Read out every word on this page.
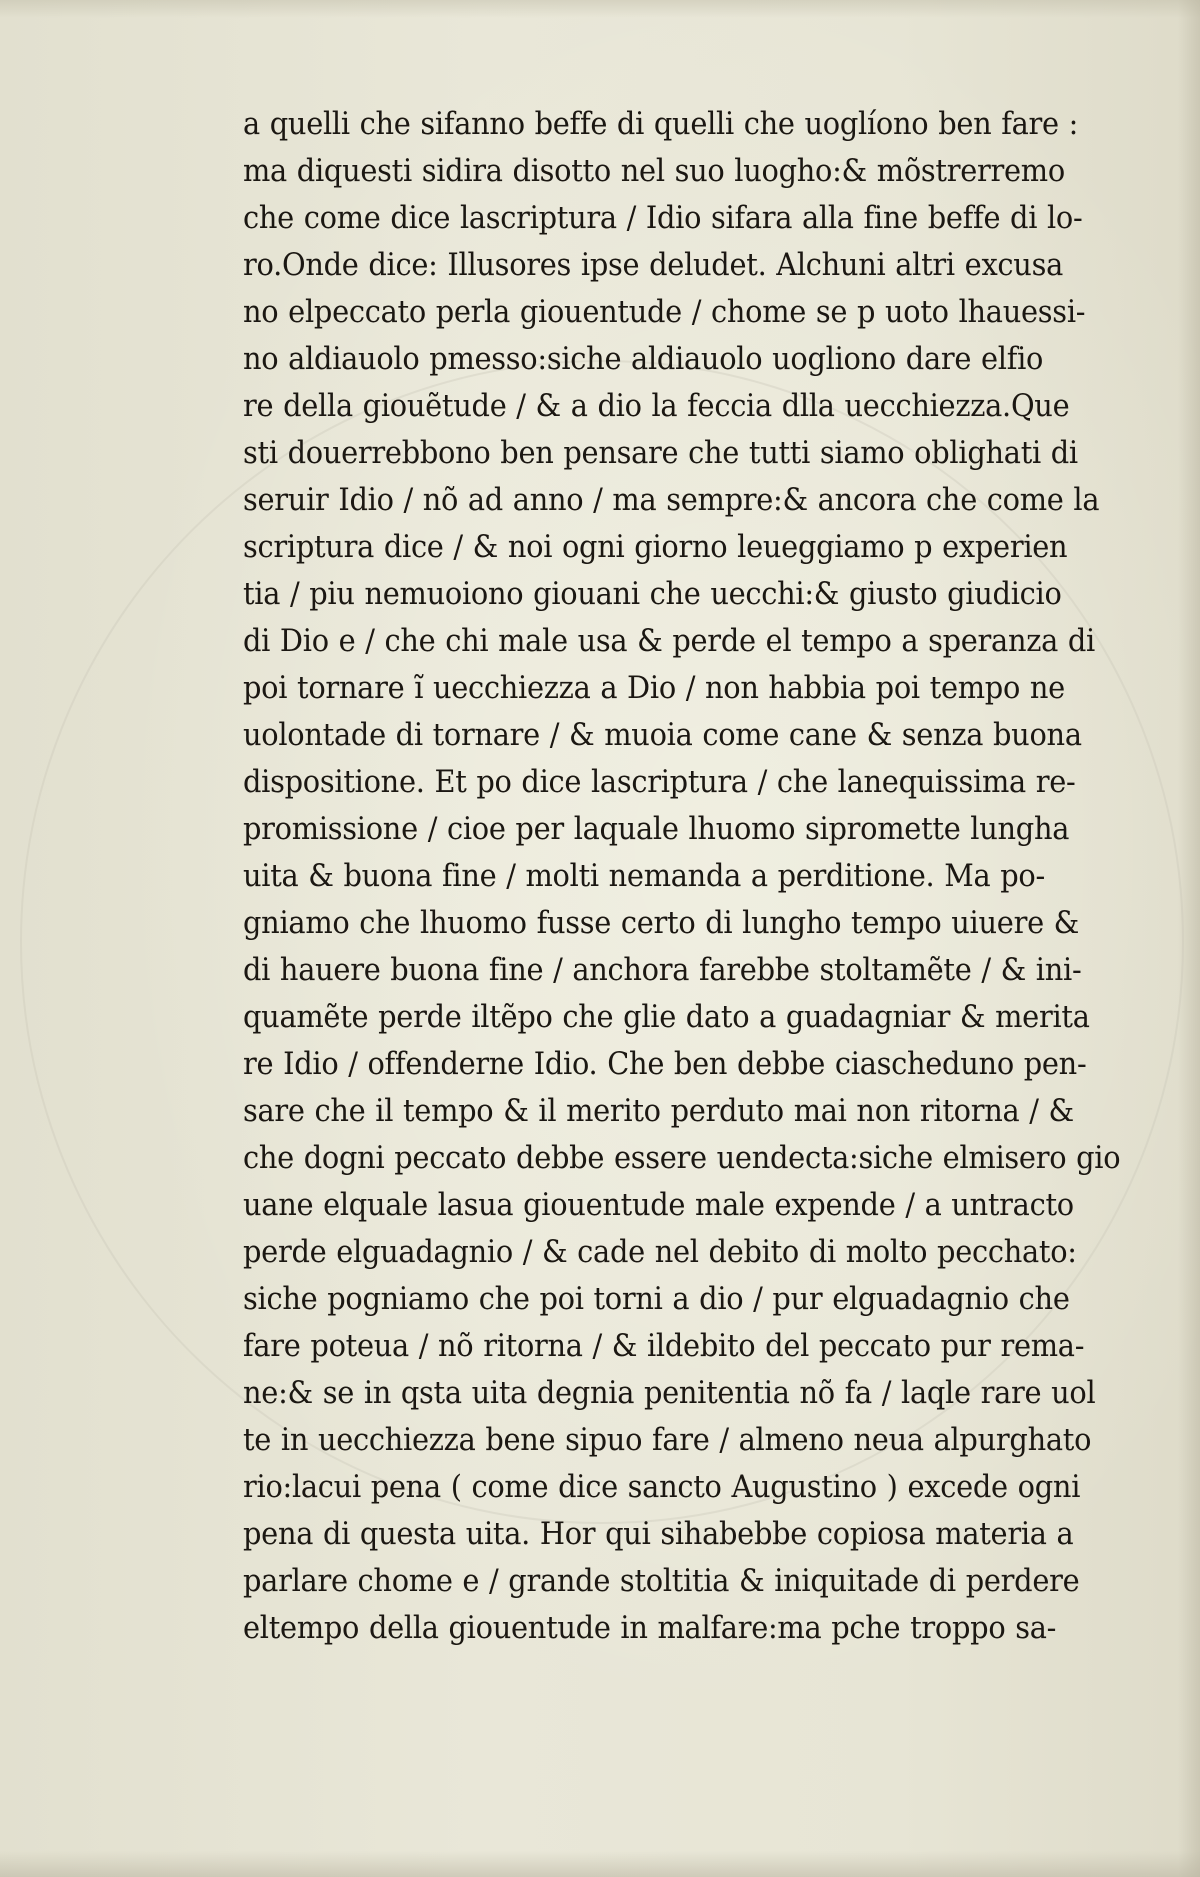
a quelli che sifanno beffe di quelli che uoglíono ben fare :
ma diquesti sidira disotto nel suo luogho:& mõstrerremo
che come dice lascriptura / Idio sifara alla fine beffe di lo-
ro.Onde dice: Illusores ipse deludet. Alchuni altri excusa
no elpeccato perla giouentude / chome se p uoto lhauessi-
no aldiauolo pmesso:siche aldiauolo uogliono dare elfio
re della giouẽtude / & a dio la feccia dlla uecchiezza.Que
sti douerrebbono ben pensare che tutti siamo oblighati di
seruir Idio / nõ ad anno / ma sempre:& ancora che come la
scriptura dice / & noi ogni giorno leueggiamo p experien
tia / piu nemuoiono giouani che uecchi:& giusto giudicio
di Dio e / che chi male usa & perde el tempo a speranza di
poi tornare ĩ uecchiezza a Dio / non habbia poi tempo ne
uolontade di tornare / & muoia come cane & senza buona
dispositione. Et po dice lascriptura / che lanequissima re-
promissione / cioe per laquale lhuomo sipromette lungha
uita & buona fine / molti nemanda a perditione. Ma po-
gniamo che lhuomo fusse certo di lungho tempo uiuere &
di hauere buona fine / anchora farebbe stoltamẽte / & ini-
quamẽte perde iltẽpo che glie dato a guadagniar & merita
re Idio / offenderne Idio. Che ben debbe ciascheduno pen-
sare che il tempo & il merito perduto mai non ritorna / &
che dogni peccato debbe essere uendecta:siche elmisero gio
uane elquale lasua giouentude male expende / a untracto
perde elguadagnio / & cade nel debito di molto pecchato:
siche pogniamo che poi torni a dio / pur elguadagnio che
fare poteua / nõ ritorna / & ildebito del peccato pur rema-
ne:& se in qsta uita degnia penitentia nõ fa / laqle rare uol
te in uecchiezza bene sipuo fare / almeno neua alpurghato
rio:lacui pena ( come dice sancto Augustino ) excede ogni
pena di questa uita. Hor qui sihabebbe copiosa materia a
parlare chome e / grande stoltitia & iniquitade di perdere
eltempo della giouentude in malfare:ma pche troppo sa-
